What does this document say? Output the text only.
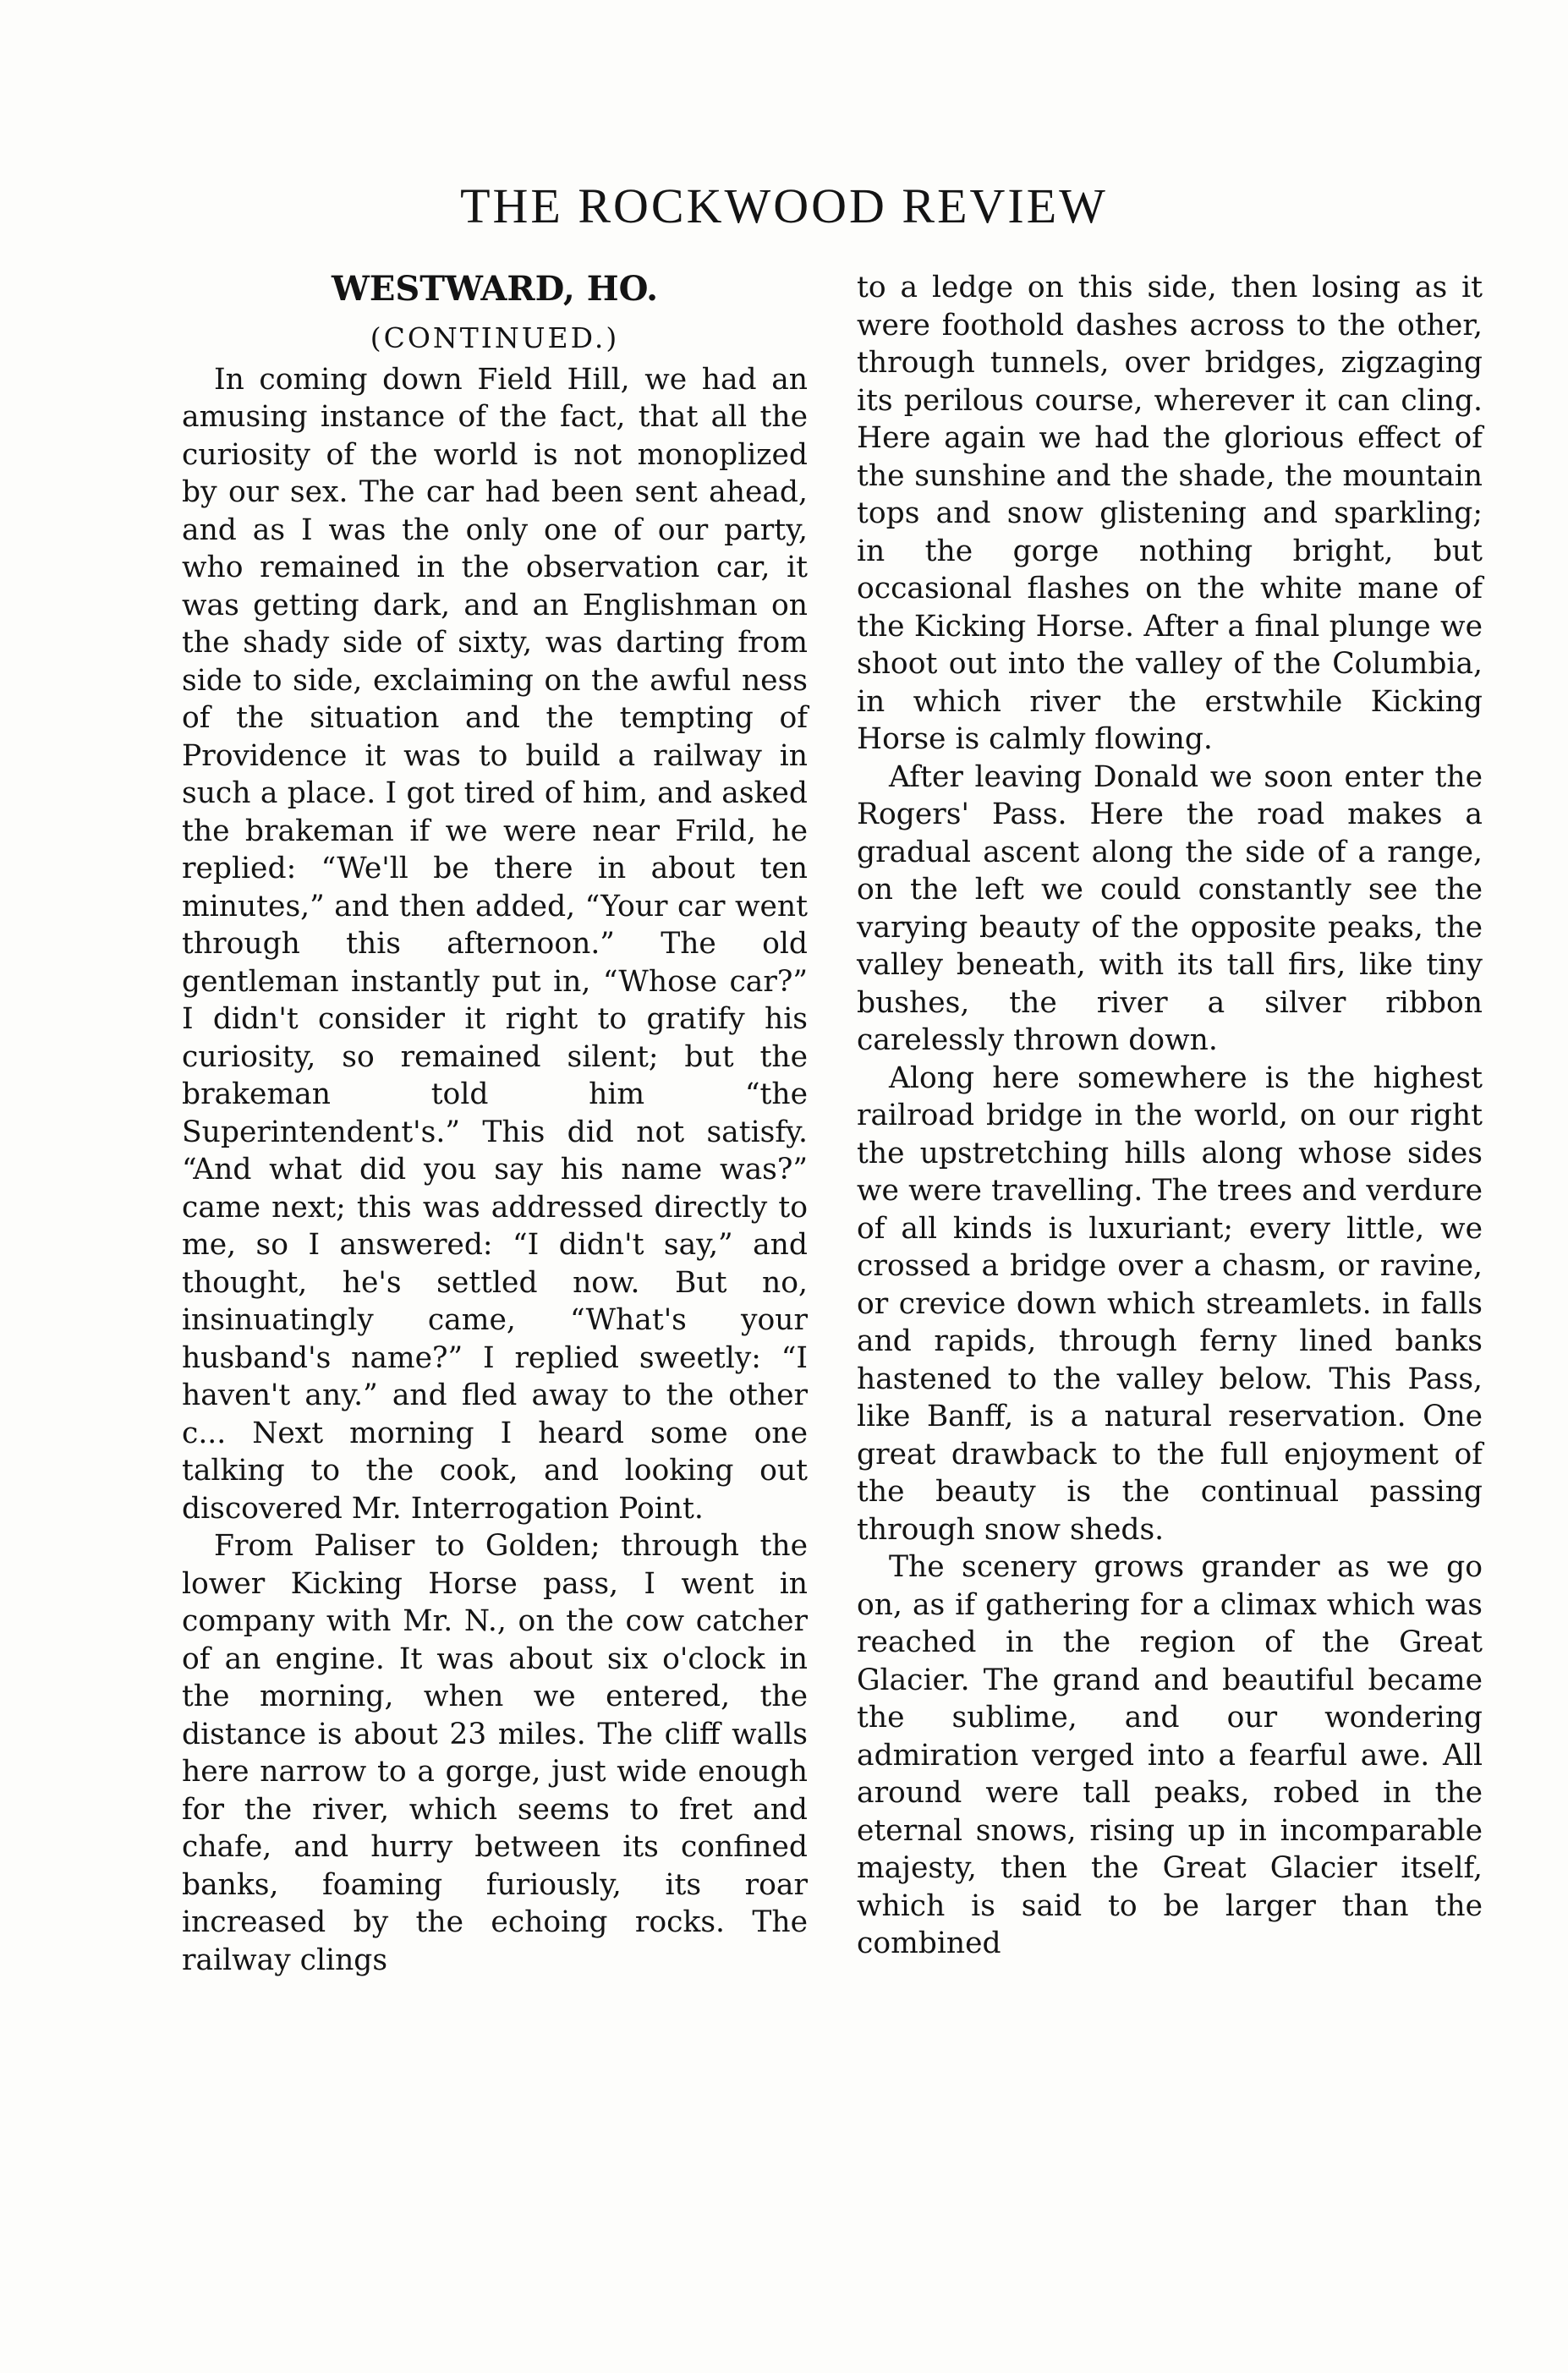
THE ROCKWOOD REVIEW
WESTWARD, HO.
(CONTINUED.)

In coming down Field Hill, we had an amusing instance of the fact, that all the curiosity of the world is not monoplized by our sex. The car had been sent ahead, and as I was the only one of our party, who remained in the observation car, it was getting dark, and an Englishman on the shady side of sixty, was darting from side to side, exclaiming on the awful ness of the situation and the tempting of Providence it was to build a railway in such a place. I got tired of him, and asked the brakeman if we were near Frild, he replied: “We'll be there in about ten minutes,” and then added, “Your car went through this afternoon.” The old gentleman instantly put in, “Whose car?” I didn't consider it right to gratify his curiosity, so remained silent; but the brakeman told him “the Superintendent's.” This did not satisfy. “And what did you say his name was?” came next; this was addressed directly to me, so I answered: “I didn't say,” and thought, he's settled now. But no, insinuatingly came, “What's your husband's name?” I replied sweetly: “I haven't any.” and fled away to the other c... Next morning I heard some one talking to the cook, and looking out discovered Mr. Interrogation Point.

From Paliser to Golden; through the lower Kicking Horse pass, I went in company with Mr. N., on the cow catcher of an engine. It was about six o'clock in the morning, when we entered, the distance is about 23 miles. The cliff walls here narrow to a gorge, just wide enough for the river, which seems to fret and chafe, and hurry between its confined banks, foaming furiously, its roar increased by the echoing rocks. The railway clings

to a ledge on this side, then losing as it were foothold dashes across to the other, through tunnels, over bridges, zigzaging its perilous course, wherever it can cling. Here again we had the glorious effect of the sunshine and the shade, the mountain tops and snow glistening and sparkling; in the gorge nothing bright, but occasional flashes on the white mane of the Kicking Horse. After a final plunge we shoot out into the valley of the Columbia, in which river the erstwhile Kicking Horse is calmly flowing.

After leaving Donald we soon enter the Rogers' Pass. Here the road makes a gradual ascent along the side of a range, on the left we could constantly see the varying beauty of the opposite peaks, the valley beneath, with its tall firs, like tiny bushes, the river a silver ribbon carelessly thrown down.

Along here somewhere is the highest railroad bridge in the world, on our right the upstretching hills along whose sides we were travelling. The trees and verdure of all kinds is luxuriant; every little, we crossed a bridge over a chasm, or ravine, or crevice down which streamlets. in falls and rapids, through ferny lined banks hastened to the valley below. This Pass, like Banff, is a natural reservation. One great drawback to the full enjoyment of the beauty is the continual passing through snow sheds.

The scenery grows grander as we go on, as if gathering for a climax which was reached in the region of the Great Glacier. The grand and beautiful became the sublime, and our wondering admiration verged into a fearful awe. All around were tall peaks, robed in the eternal snows, rising up in incomparable majesty, then the Great Glacier itself, which is said to be larger than the combined
